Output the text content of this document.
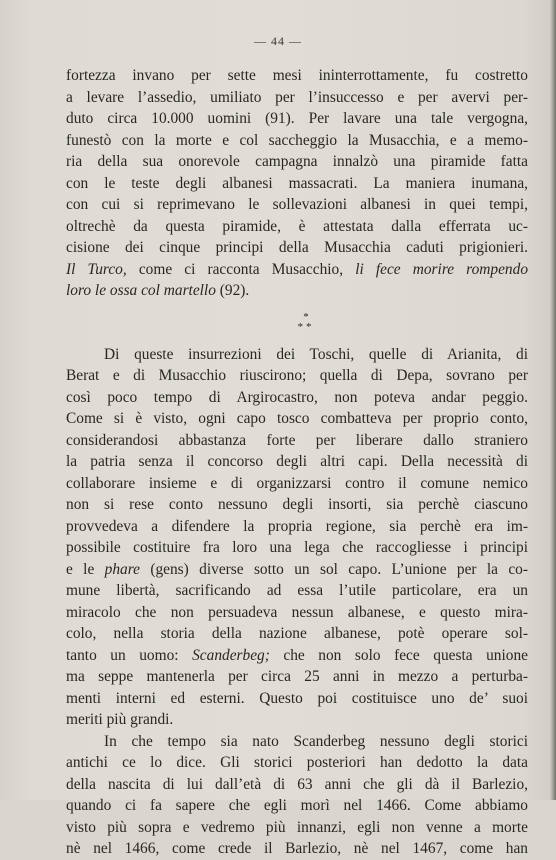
— 44 —
fortezza invano per sette mesi ininterrottamente, fu costretto
a levare l’assedio, umiliato per l’insuccesso e per avervi per-
duto circa 10.000 uomini (91). Per lavare una tale vergogna,
funestò con la morte e col saccheggio la Musacchia, e a memo-
ria della sua onorevole campagna innalzò una piramide fatta
con le teste degli albanesi massacrati. La maniera inumana,
con cui si reprimevano le sollevazioni albanesi in quei tempi,
oltrechè da questa piramide, è attestata dalla efferrata uc-
cisione dei cinque principi della Musacchia caduti prigionieri.
Il Turco, come ci racconta Musacchio, li fece morire rompendo
loro le ossa col martello (92).
*
**
Di queste insurrezioni dei Toschi, quelle di Arianita, di
Berat e di Musacchio riuscirono; quella di Depa, sovrano per
così poco tempo di Argirocastro, non poteva andar peggio.
Come si è visto, ogni capo tosco combatteva per proprio conto,
considerandosi abbastanza forte per liberare dallo straniero
la patria senza il concorso degli altri capi. Della necessità di
collaborare insieme e di organizzarsi contro il comune nemico
non si rese conto nessuno degli insorti, sia perchè ciascuno
provvedeva a difendere la propria regione, sia perchè era im-
possibile costituire fra loro una lega che raccogliesse i principi
e le phare (gens) diverse sotto un sol capo. L’unione per la co-
mune libertà, sacrificando ad essa l’utile particolare, era un
miracolo che non persuadeva nessun albanese, e questo mira-
colo, nella storia della nazione albanese, potè operare sol-
tanto un uomo: Scanderbeg; che non solo fece questa unione
ma seppe mantenerla per circa 25 anni in mezzo a perturba-
menti interni ed esterni. Questo poi costituisce uno de’ suoi
meriti più grandi.
In che tempo sia nato Scanderbeg nessuno degli storici
antichi ce lo dice. Gli storici posteriori han dedotto la data
della nascita di lui dall’età di 63 anni che gli dà il Barlezio,
quando ci fa sapere che egli morì nel 1466. Come abbiamo
visto più sopra e vedremo più innanzi, egli non venne a morte
nè nel 1466, come crede il Barlezio, nè nel 1467, come han
